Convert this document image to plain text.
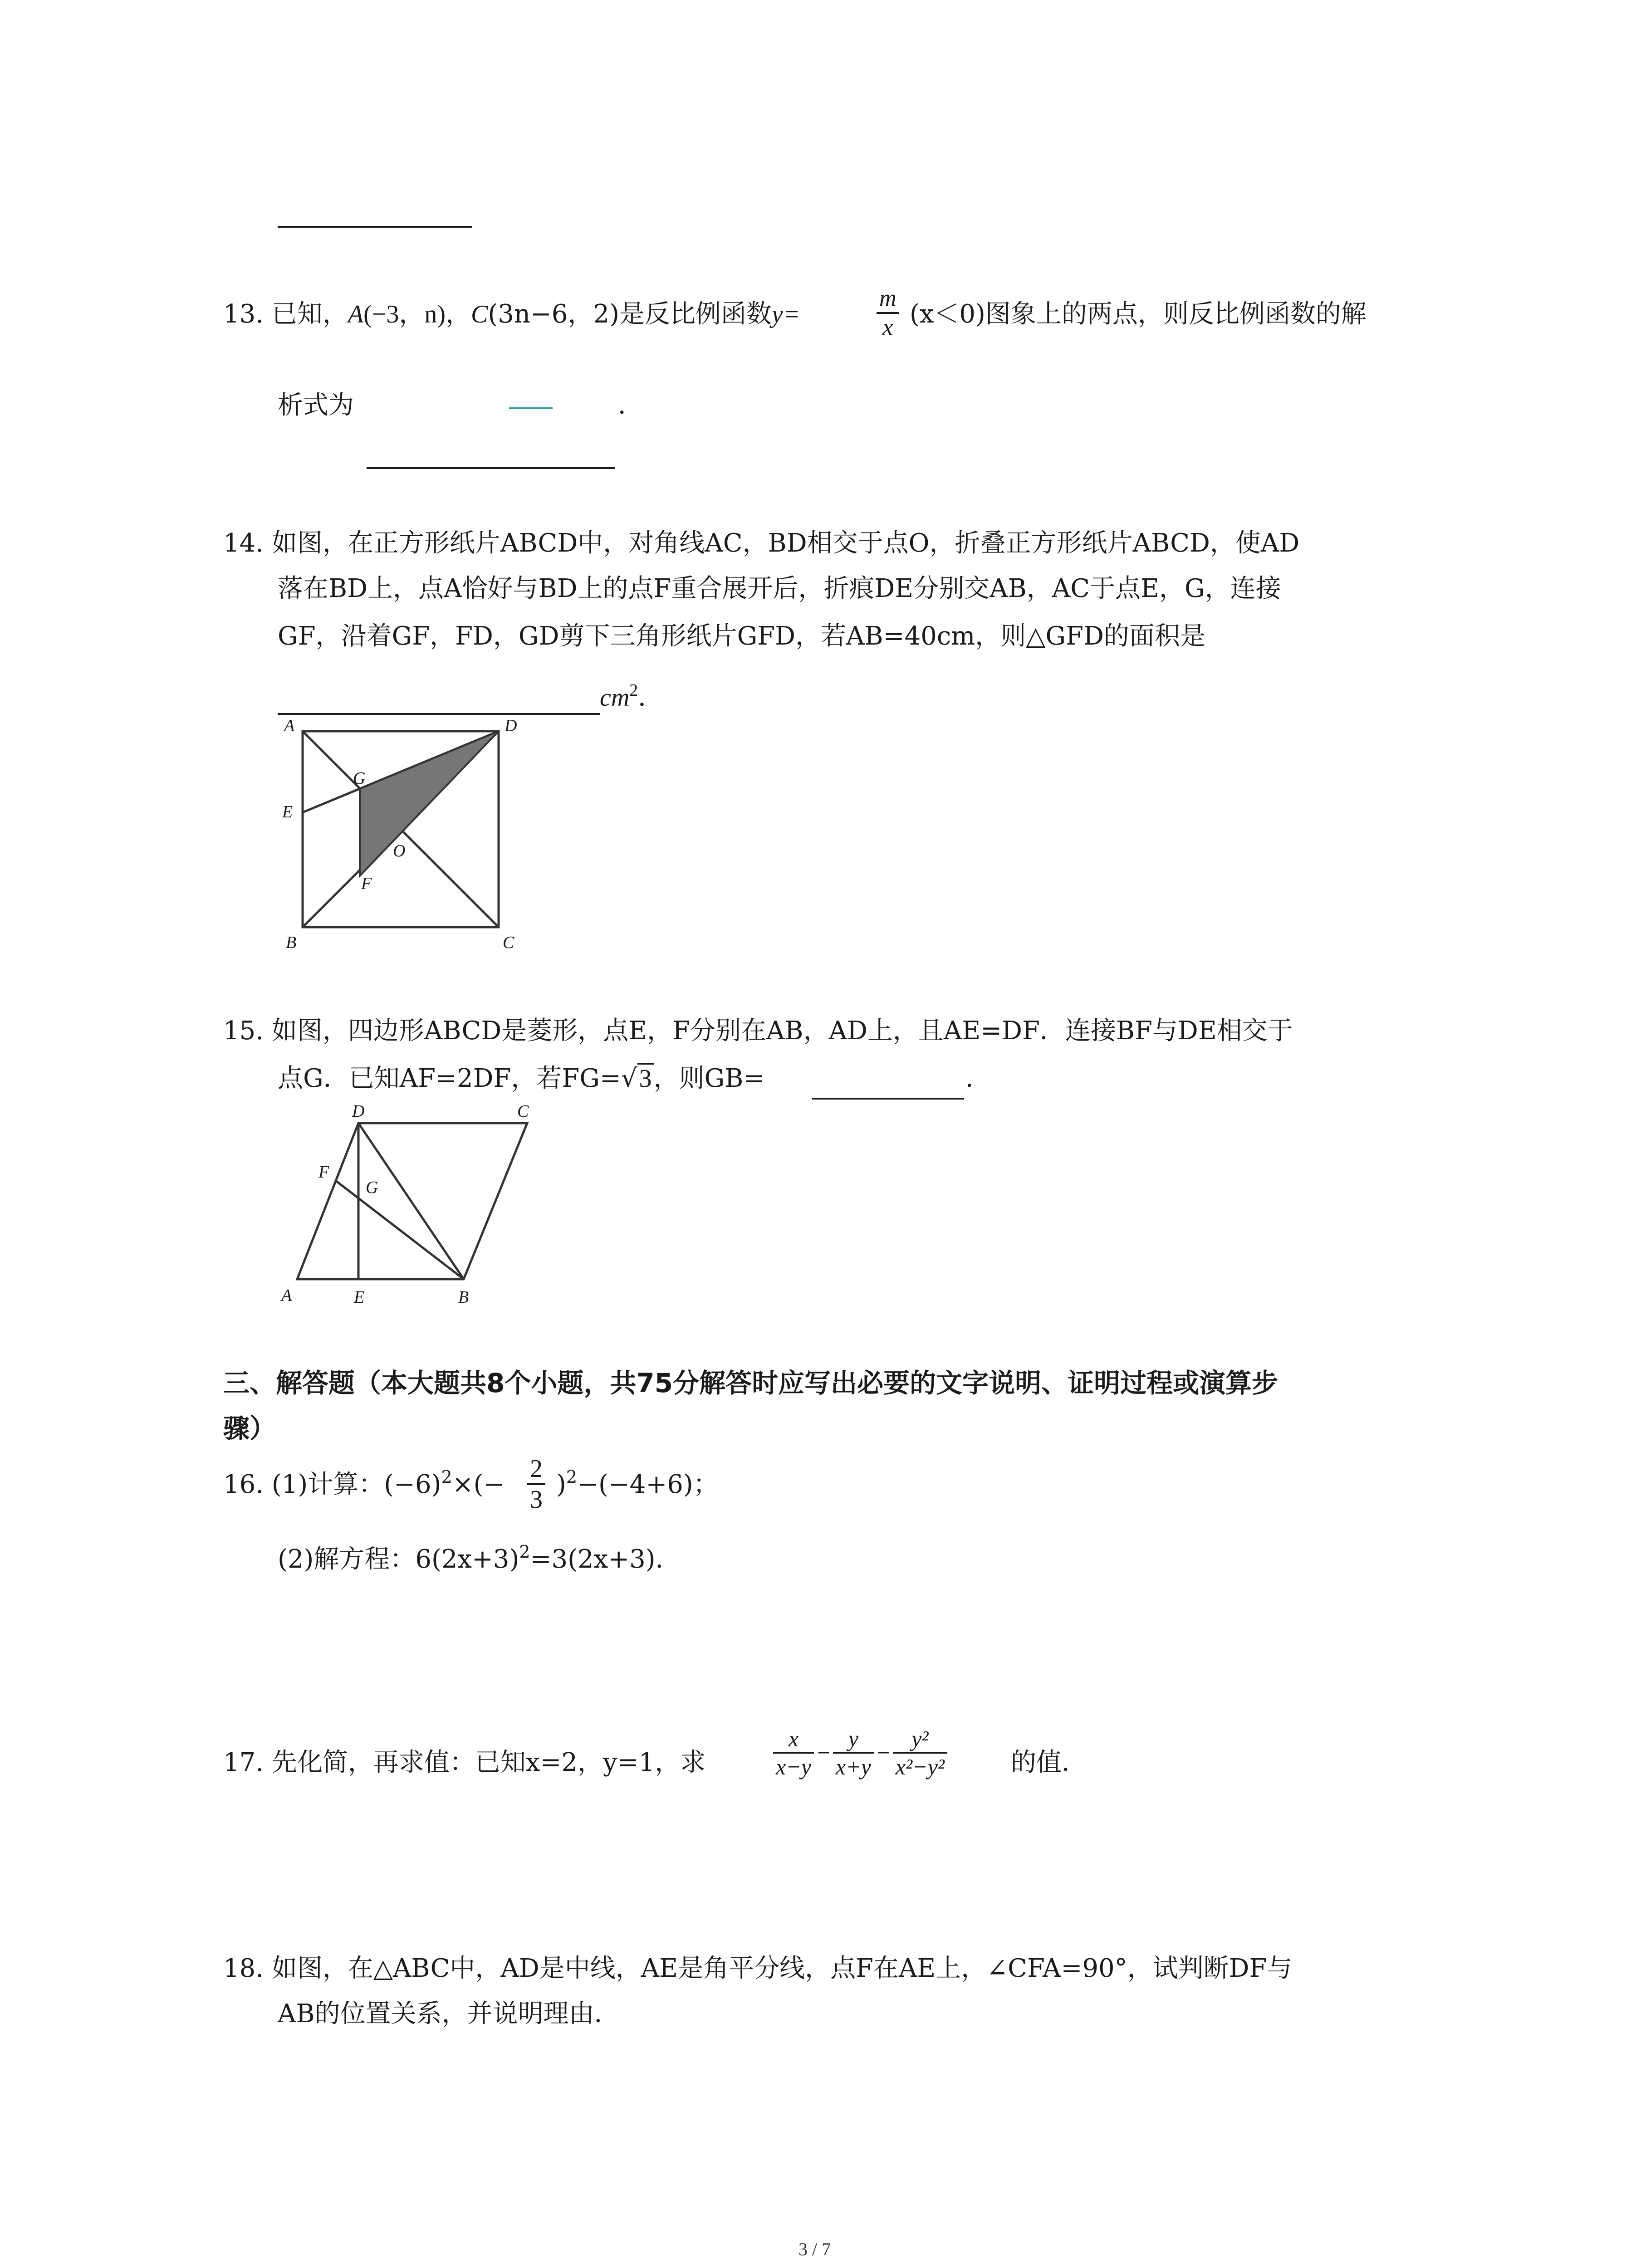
13. 已知，A(−3，n)，C(3n−6，2)是反比例函数y=	$\frac{m}{x} (x<0)$图象上的两点，则反比例函数的解
析式为	．
14. 如图，在正方形纸片ABCD中，对角线AC，BD相交于点O，折叠正方形纸片ABCD，使AD
落在BD上，点A恰好与BD上的点F重合展开后，折痕DE分别交AB，AC于点E，G，连接
GF，沿着GF，FD，GD剪下三角形纸片GFD，若AB=40cm，则△GFD的面积是
$cm^2$．
A	D
G
E
O
F
B	C
15. 如图，四边形ABCD是菱形，点E，F分别在AB，AD上，且AE=DF．连接BF与DE相交于
点G．已知AF=2DF，若FG=√3，则GB=	．
D	C
F
G
A	E	B
三、解答题（本大题共8个小题，共75分解答时应写出必要的文字说明、证明过程或演算步
骤）
16. (1)计算：$(-6)^2\times(- \frac{2}{3} )^2-(-4+6)$；
(2)解方程：$6(2x+3)^2=3(2x+3)$．
17. 先化简，再求值：已知x=2，y=1，求	$\frac{x}{x-y} - \frac{y}{x+y} - \frac{\text{y²}}{\text{x²−y²}}$	的值．
18. 如图，在△ABC中，AD是中线，AE是角平分线，点F在AE上，∠CFA=90°，试判断DF与
AB的位置关系，并说明理由．
3 / 7
